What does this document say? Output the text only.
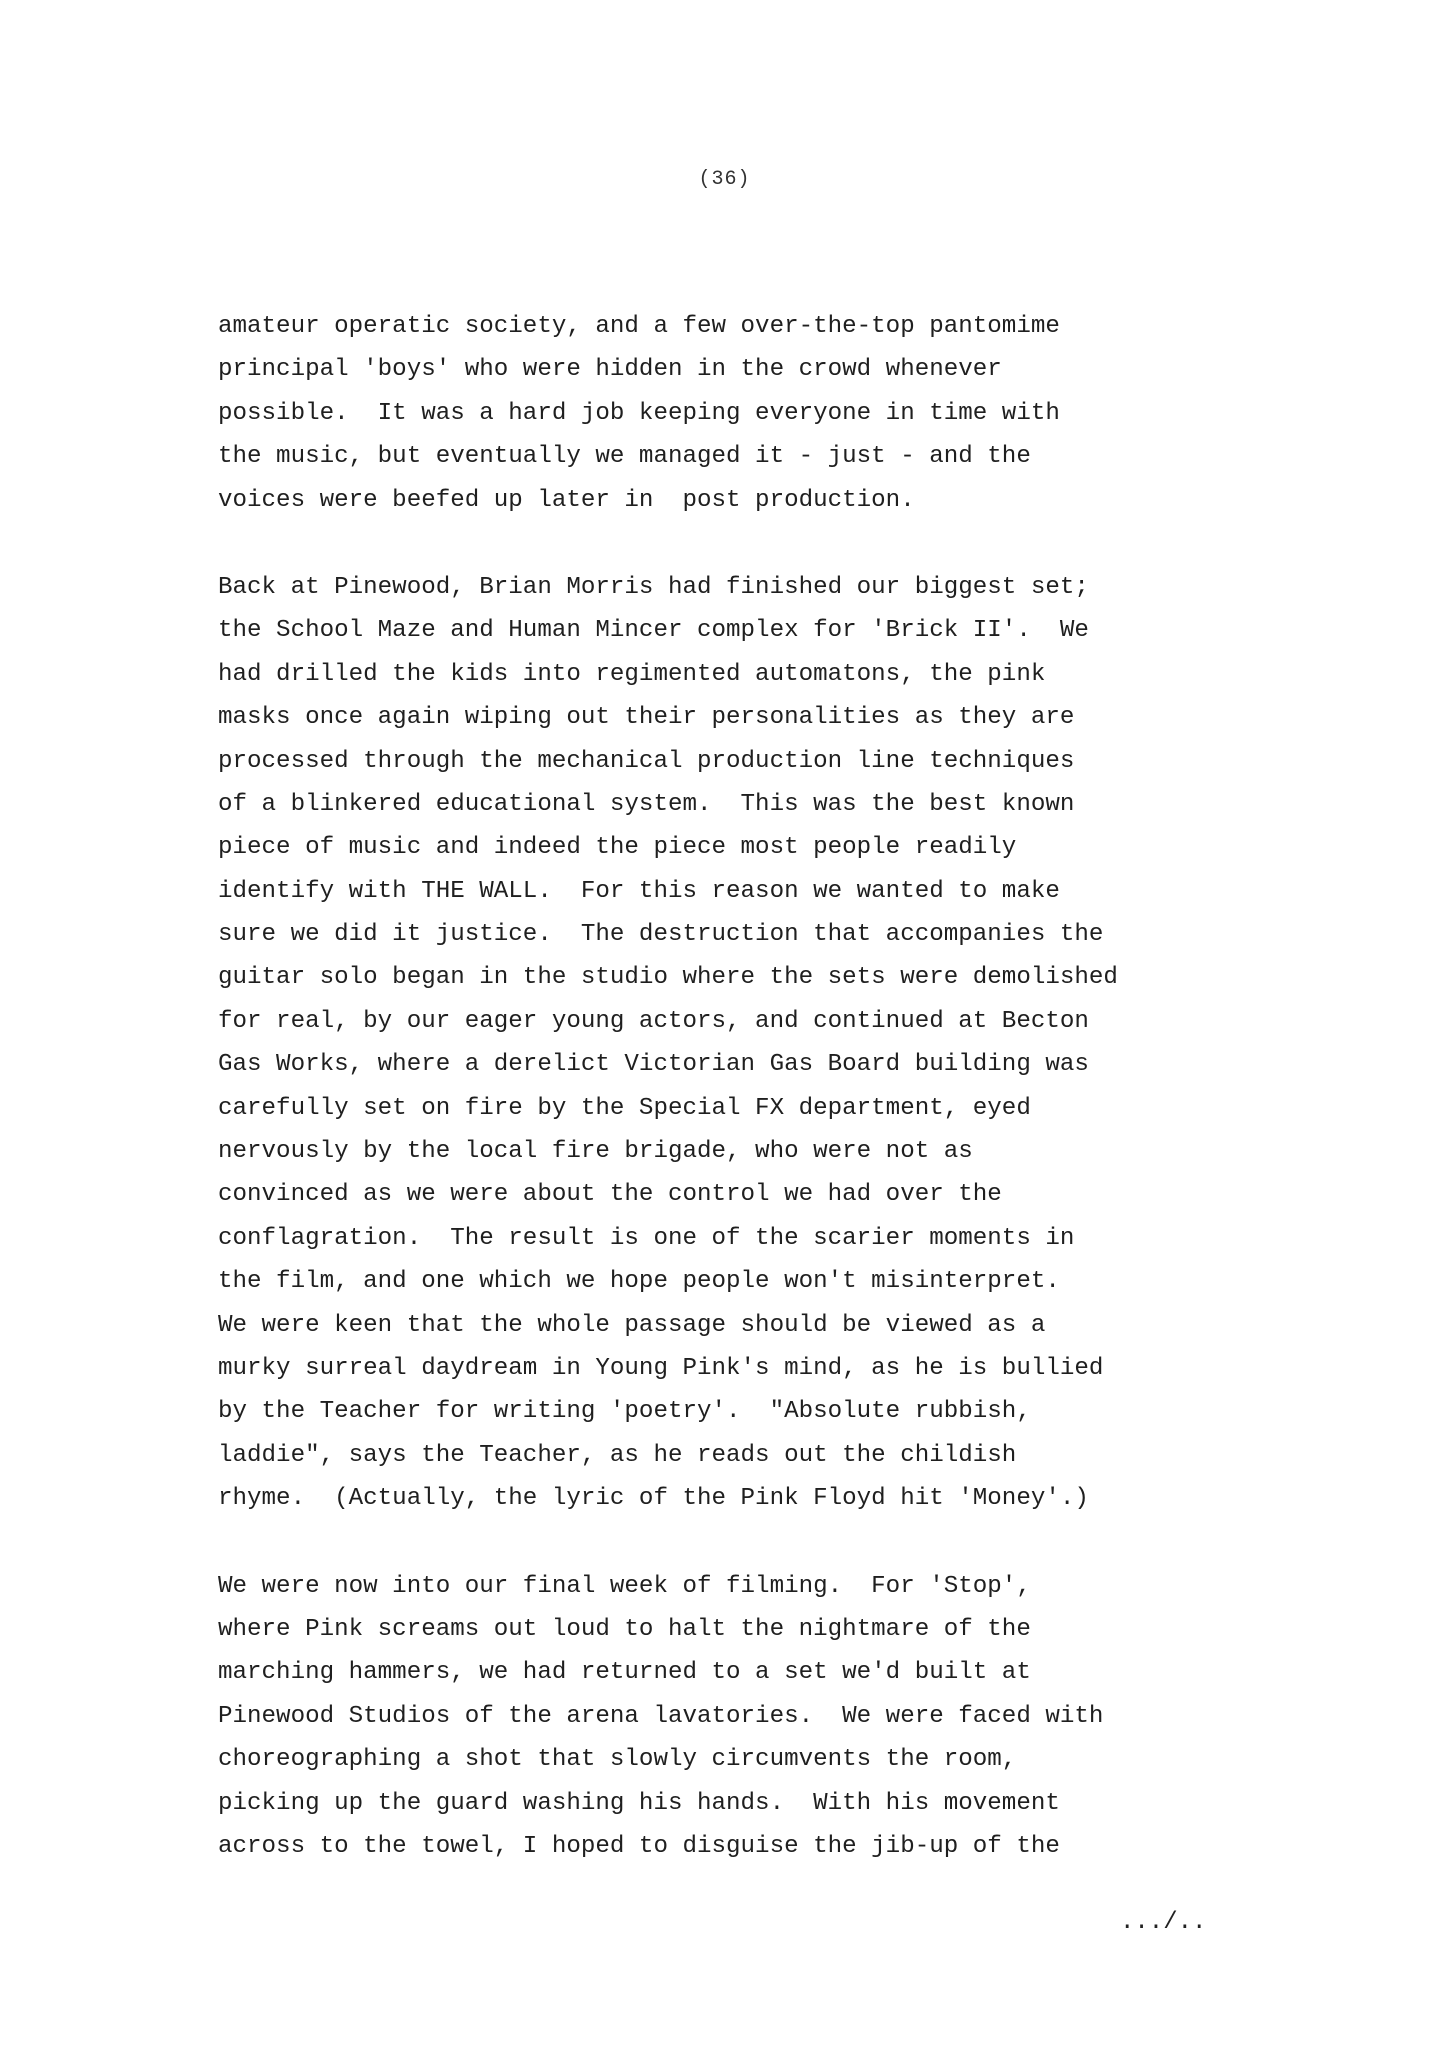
(36)
amateur operatic society, and a few over-the-top pantomime
principal 'boys' who were hidden in the crowd whenever
possible.  It was a hard job keeping everyone in time with
the music, but eventually we managed it - just - and the
voices were beefed up later in  post production.
Back at Pinewood, Brian Morris had finished our biggest set;
the School Maze and Human Mincer complex for 'Brick II'.  We
had drilled the kids into regimented automatons, the pink
masks once again wiping out their personalities as they are
processed through the mechanical production line techniques
of a blinkered educational system.  This was the best known
piece of music and indeed the piece most people readily
identify with THE WALL.  For this reason we wanted to make
sure we did it justice.  The destruction that accompanies the
guitar solo began in the studio where the sets were demolished
for real, by our eager young actors, and continued at Becton
Gas Works, where a derelict Victorian Gas Board building was
carefully set on fire by the Special FX department, eyed
nervously by the local fire brigade, who were not as
convinced as we were about the control we had over the
conflagration.  The result is one of the scarier moments in
the film, and one which we hope people won't misinterpret.
We were keen that the whole passage should be viewed as a
murky surreal daydream in Young Pink's mind, as he is bullied
by the Teacher for writing 'poetry'.  "Absolute rubbish,
laddie", says the Teacher, as he reads out the childish
rhyme.  (Actually, the lyric of the Pink Floyd hit 'Money'.)
We were now into our final week of filming.  For 'Stop',
where Pink screams out loud to halt the nightmare of the
marching hammers, we had returned to a set we'd built at
Pinewood Studios of the arena lavatories.  We were faced with
choreographing a shot that slowly circumvents the room,
picking up the guard washing his hands.  With his movement
across to the towel, I hoped to disguise the jib-up of the
.../..
